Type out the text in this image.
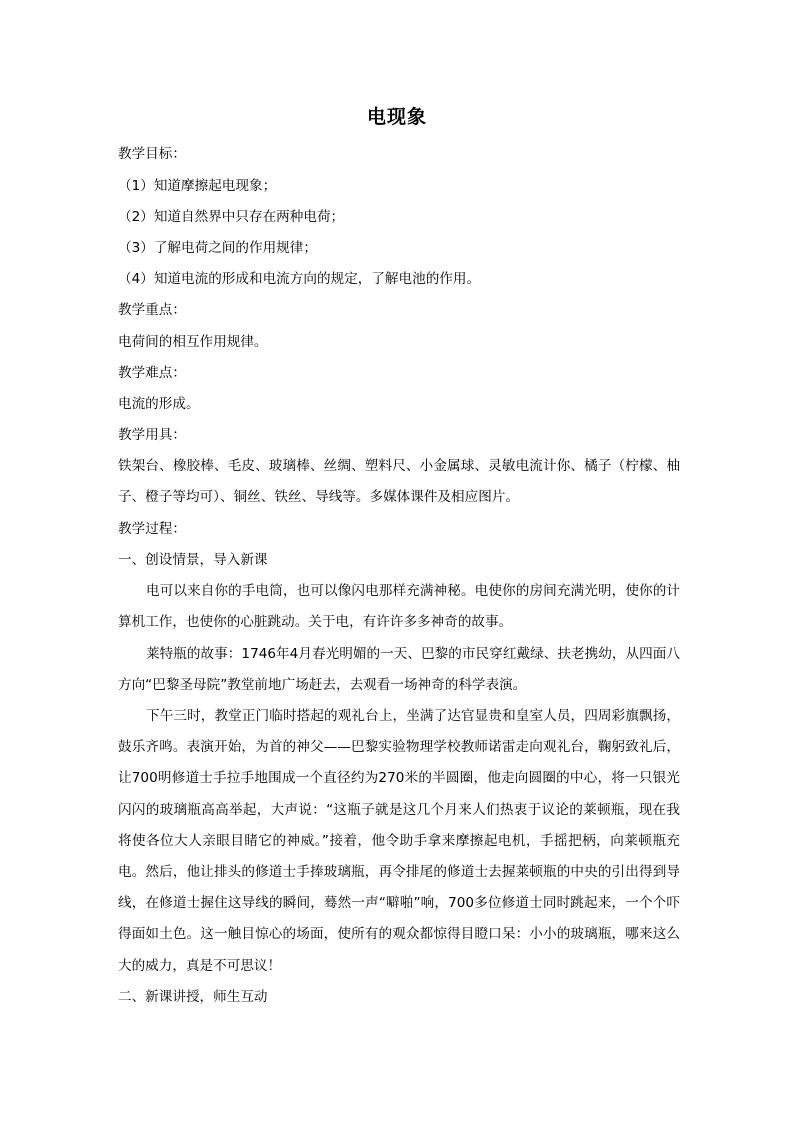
电现象
教学目标：
（1）知道摩擦起电现象；
（2）知道自然界中只存在两种电荷；
（3）了解电荷之间的作用规律；
（4）知道电流的形成和电流方向的规定，了解电池的作用。
教学重点：
电荷间的相互作用规律。
教学难点：
电流的形成。
教学用具：
铁架台、橡胶棒、毛皮、玻璃棒、丝绸、塑料尺、小金属球、灵敏电流计你、橘子（柠檬、柚子、橙子等均可）、铜丝、铁丝、导线等。多媒体课件及相应图片。
教学过程：
一、创设情景，导入新课
电可以来自你的手电筒，也可以像闪电那样充满神秘。电使你的房间充满光明，使你的计算机工作，也使你的心脏跳动。关于电，有许许多多神奇的故事。
莱特瓶的故事：1746年4月春光明媚的一天、巴黎的市民穿红戴绿、扶老携幼，从四面八方向“巴黎圣母院”教堂前地广场赶去，去观看一场神奇的科学表演。
下午三时，教堂正门临时搭起的观礼台上，坐满了达官显贵和皇室人员，四周彩旗飘扬，鼓乐齐鸣。表演开始，为首的神父——巴黎实验物理学校教师诺雷走向观礼台，鞠躬致礼后，让700明修道士手拉手地围成一个直径约为270米的半圆圈，他走向圆圈的中心，将一只银光闪闪的玻璃瓶高高举起，大声说：“这瓶子就是这几个月来人们热衷于议论的莱顿瓶，现在我将使各位大人亲眼目睹它的神威。”接着，他令助手拿来摩擦起电机，手摇把柄，向莱顿瓶充电。然后，他让排头的修道士手捧玻璃瓶，再令排尾的修道士去握莱顿瓶的中央的引出得到导线，在修道士握住这导线的瞬间，蓦然一声“噼啪”响，700多位修道士同时跳起来，一个个吓得面如土色。这一触目惊心的场面，使所有的观众都惊得目瞪口呆：小小的玻璃瓶，哪来这么大的威力，真是不可思议！
二、新课讲授，师生互动
